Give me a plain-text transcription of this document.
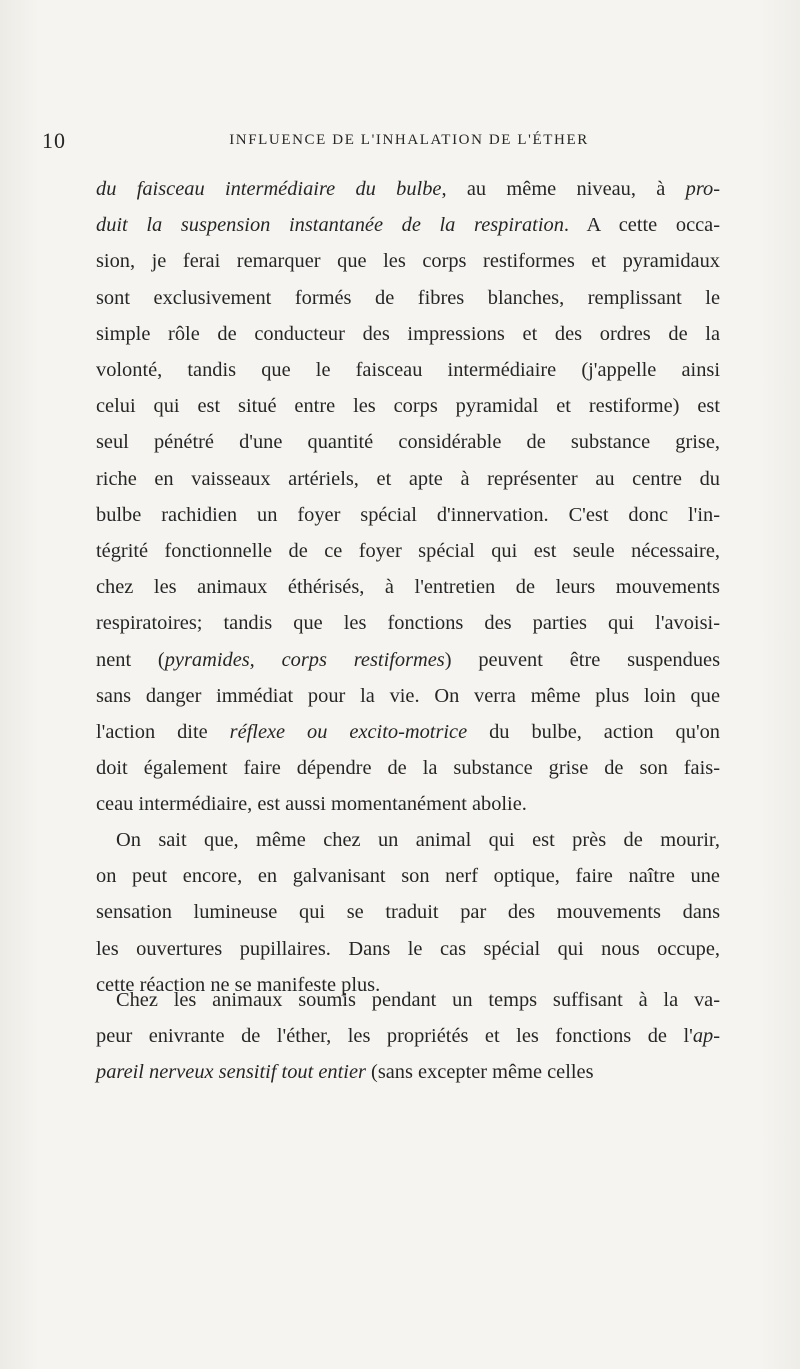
10	INFLUENCE DE L'INHALATION DE L'ÉTHER
du faisceau intermédiaire du bulbe, au même niveau, à pro-
duit la suspension instantanée de la respiration. A cette occa-
sion, je ferai remarquer que les corps restiformes et pyramidaux
sont exclusivement formés de fibres blanches, remplissant le
simple rôle de conducteur des impressions et des ordres de la
volonté, tandis que le faisceau intermédiaire (j'appelle ainsi
celui qui est situé entre les corps pyramidal et restiforme) est
seul pénétré d'une quantité considérable de substance grise,
riche en vaisseaux artériels, et apte à représenter au centre du
bulbe rachidien un foyer spécial d'innervation. C'est donc l'in-
tégrité fonctionnelle de ce foyer spécial qui est seule nécessaire,
chez les animaux éthérisés, à l'entretien de leurs mouvements
respiratoires; tandis que les fonctions des parties qui l'avoisi-
nent (pyramides, corps restiformes) peuvent être suspendues
sans danger immédiat pour la vie. On verra même plus loin que
l'action dite réflexe ou excito-motrice du bulbe, action qu'on
doit également faire dépendre de la substance grise de son fais-
ceau intermédiaire, est aussi momentanément abolie.
On sait que, même chez un animal qui est près de mourir,
on peut encore, en galvanisant son nerf optique, faire naître une
sensation lumineuse qui se traduit par des mouvements dans
les ouvertures pupillaires. Dans le cas spécial qui nous occupe,
cette réaction ne se manifeste plus.
Chez les animaux soumis pendant un temps suffisant à la va-
peur enivrante de l'éther, les propriétés et les fonctions de l'ap-
pareil nerveux sensitif tout entier (sans excepter même celles
